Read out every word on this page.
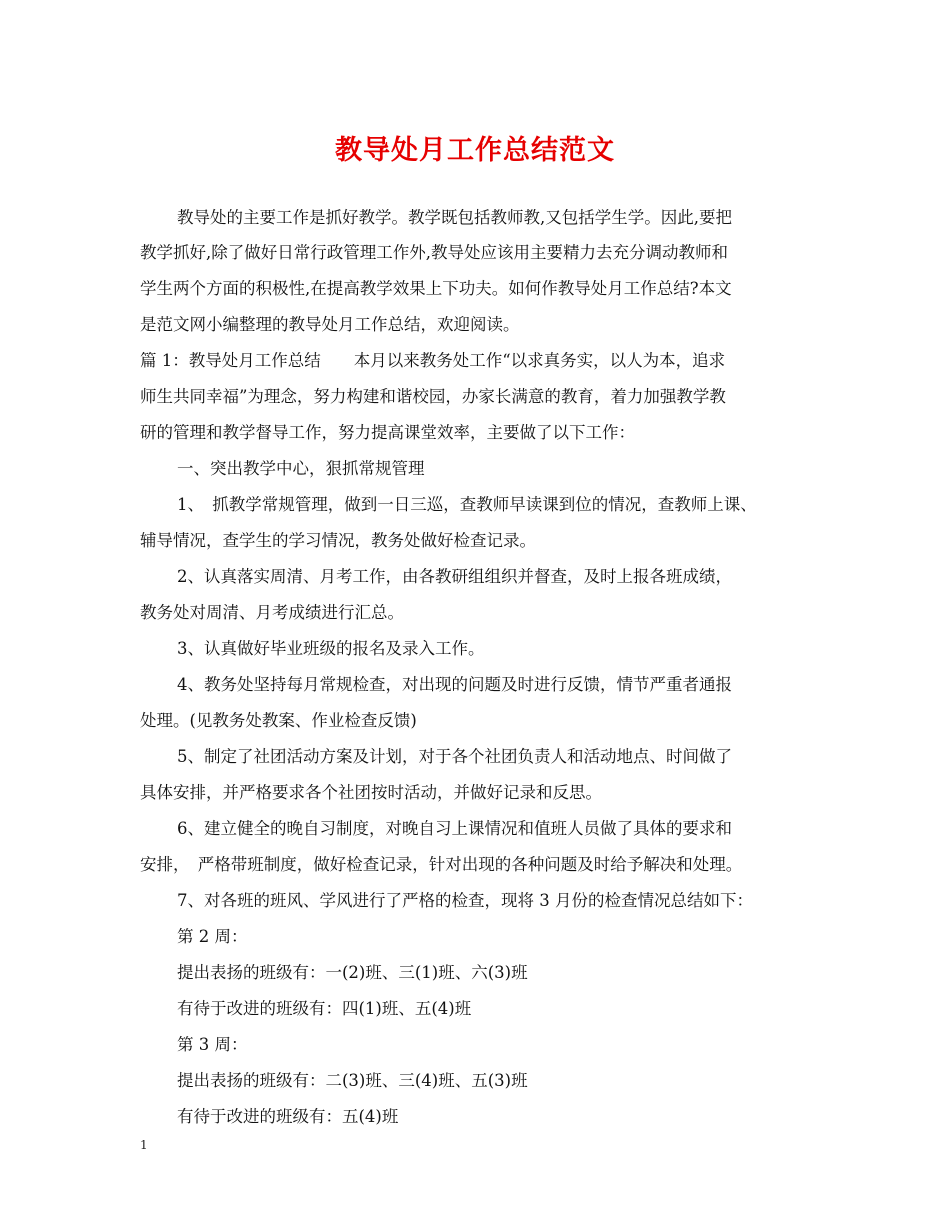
教导处月工作总结范文

教导处的主要工作是抓好教学。教学既包括教师教,又包括学生学。因此,要把

教学抓好,除了做好日常行政管理工作外,教导处应该用主要精力去充分调动教师和

学生两个方面的积极性,在提高教学效果上下功夫。如何作教导处月工作总结?本文

是范文网小编整理的教导处月工作总结，欢迎阅读。

篇 1：教导处月工作总结　　本月以来教务处工作“以求真务实，以人为本，追求

师生共同幸福”为理念，努力构建和谐校园，办家长满意的教育，着力加强教学教

研的管理和教学督导工作，努力提高课堂效率，主要做了以下工作：

一、突出教学中心，狠抓常规管理

1、　抓教学常规管理，做到一日三巡，查教师早读课到位的情况，查教师上课、

辅导情况，查学生的学习情况，教务处做好检查记录。

2、认真落实周清、月考工作，由各教研组组织并督查，及时上报各班成绩，

教务处对周清、月考成绩进行汇总。

3、认真做好毕业班级的报名及录入工作。

4、教务处坚持每月常规检查，对出现的问题及时进行反馈，情节严重者通报

处理。(见教务处教案、作业检查反馈)

5、制定了社团活动方案及计划，对于各个社团负责人和活动地点、时间做了

具体安排，并严格要求各个社团按时活动，并做好记录和反思。

6、建立健全的晚自习制度，对晚自习上课情况和值班人员做了具体的要求和

安排，　严格带班制度，做好检查记录，针对出现的各种问题及时给予解决和处理。

7、对各班的班风、学风进行了严格的检查，现将 3 月份的检查情况总结如下：

第 2 周：

提出表扬的班级有：一(2)班、三(1)班、六(3)班

有待于改进的班级有：四(1)班、五(4)班

第 3 周：

提出表扬的班级有：二(3)班、三(4)班、五(3)班

有待于改进的班级有：五(4)班

1
